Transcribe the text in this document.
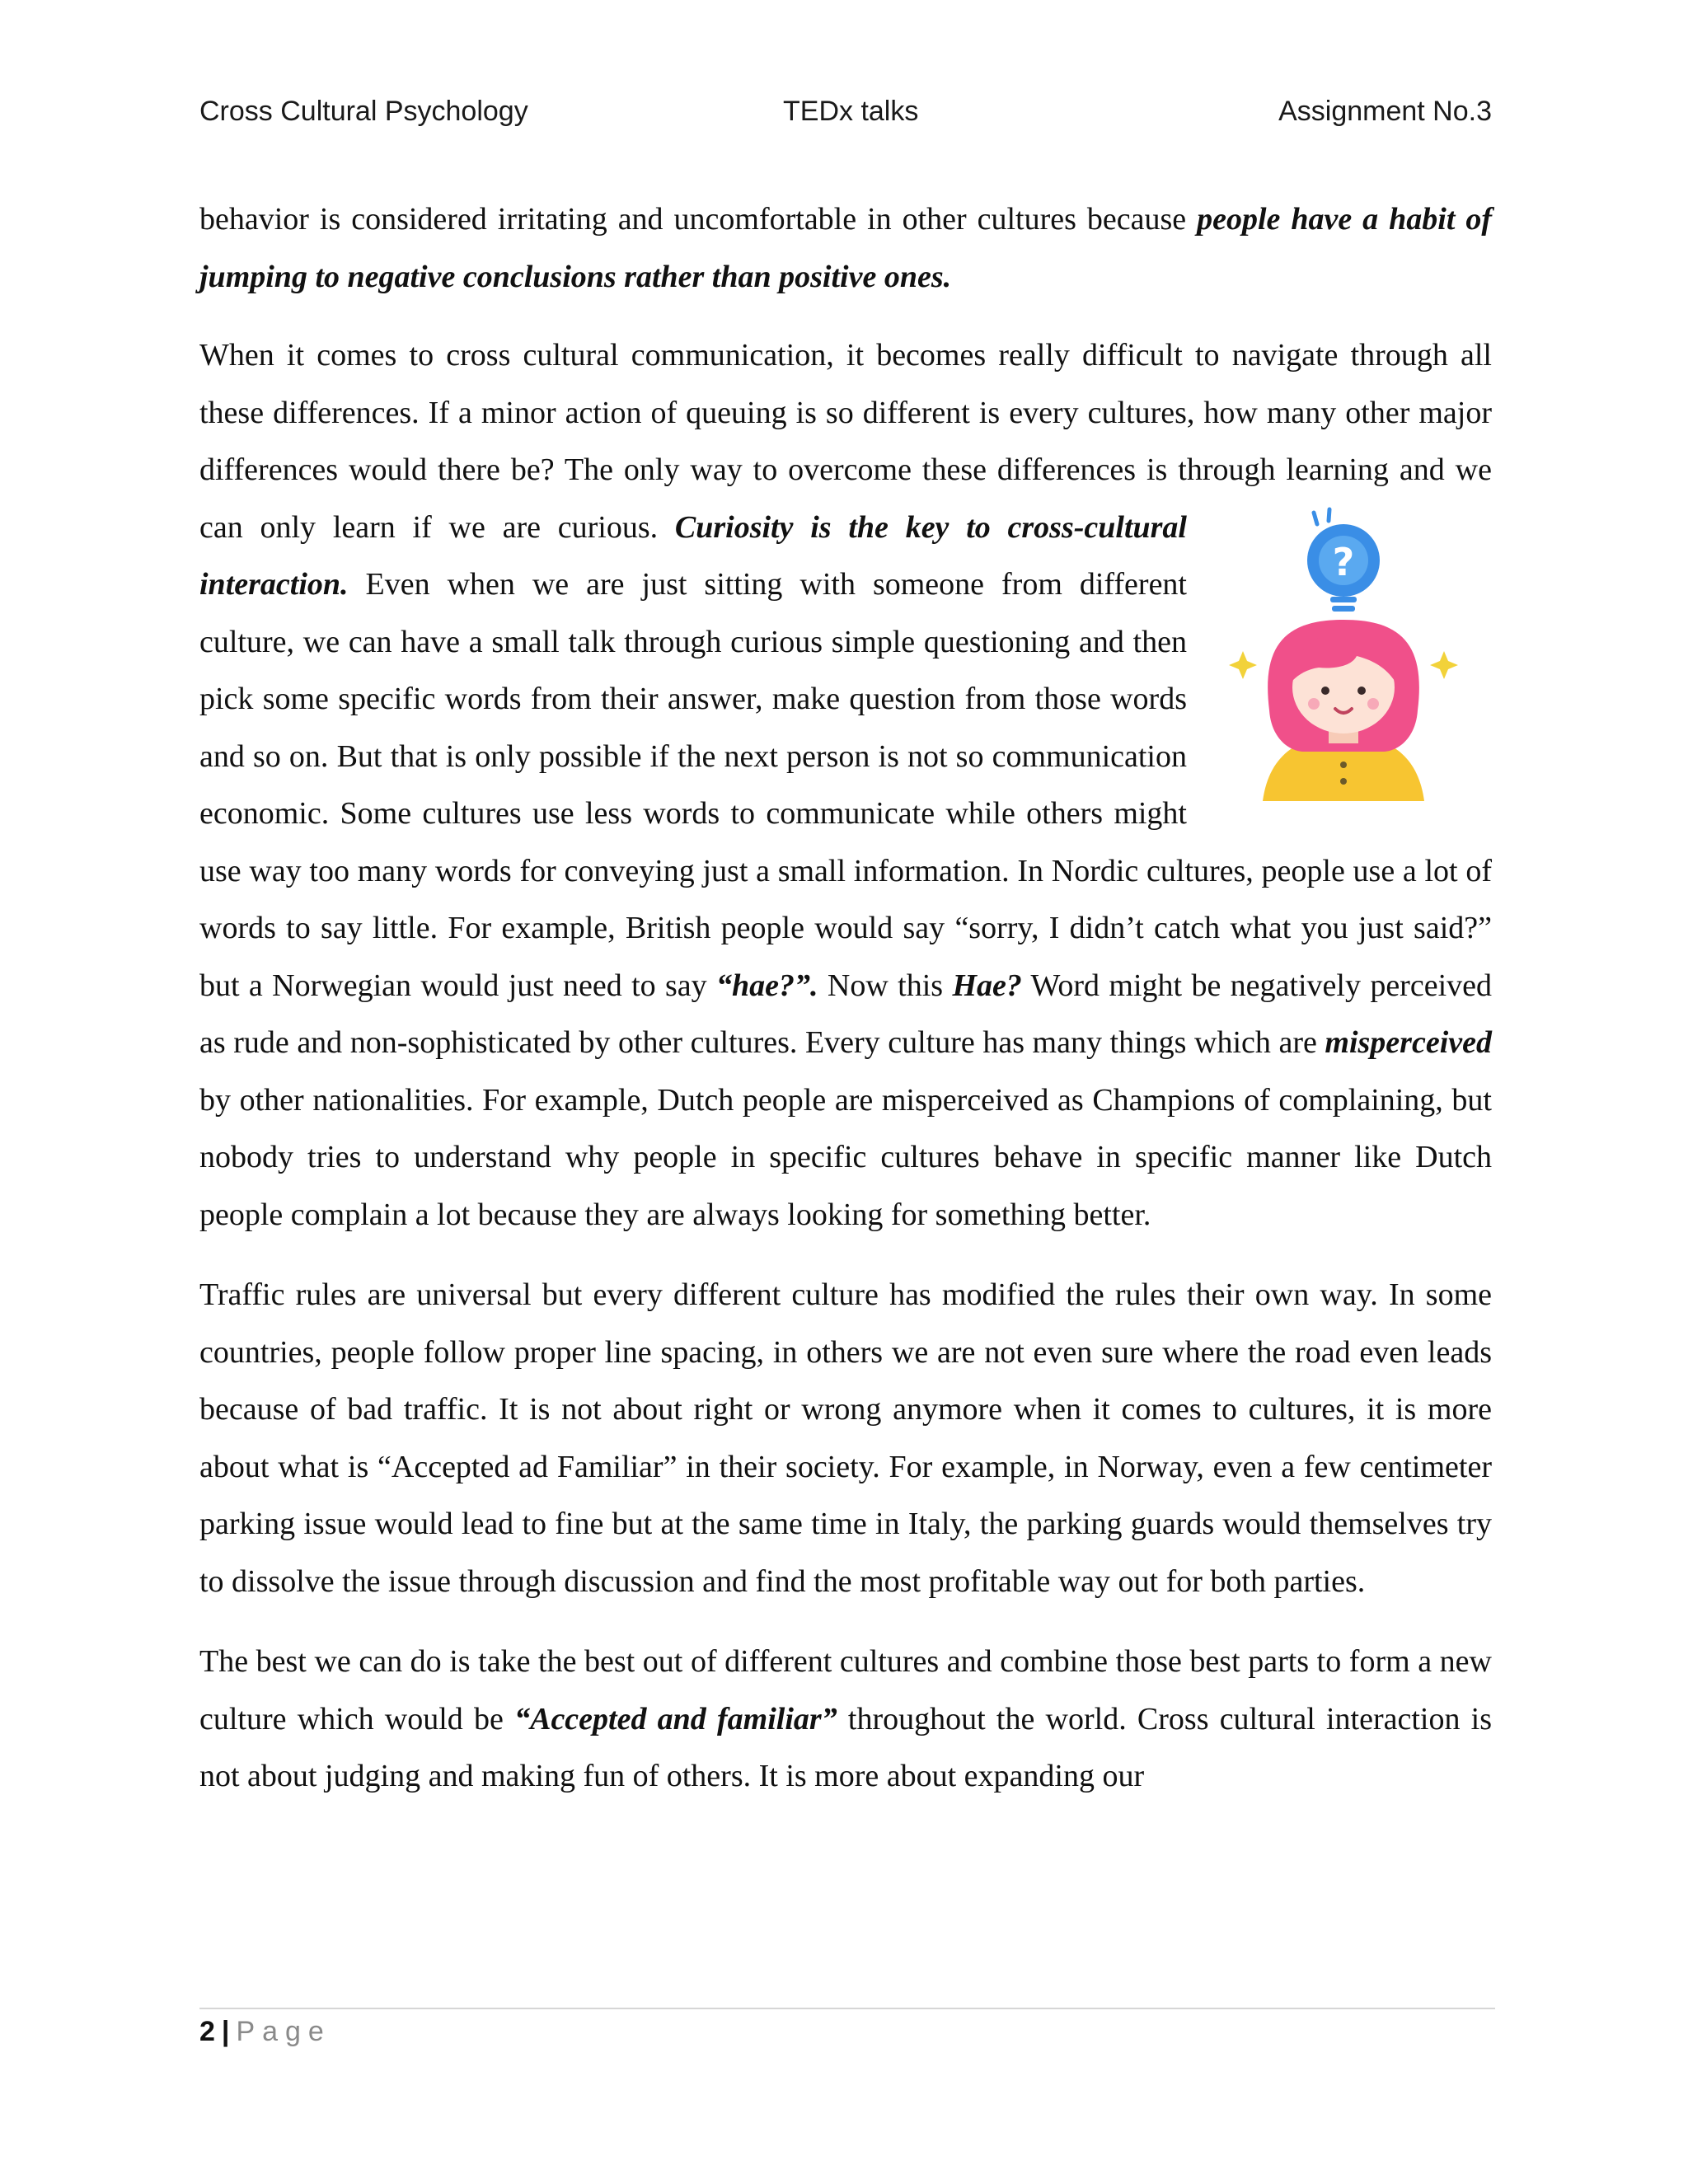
Cross Cultural Psychology	TEDx talks	Assignment No.3

behavior is considered irritating and uncomfortable in other cultures because people have a habit of jumping to negative conclusions rather than positive ones.

When it comes to cross cultural communication, it becomes really difficult to navigate through all these differences. If a minor action of queuing is so different is every cultures, how many other major differences would there be? The only way to overcome these differences is through learning and we can only learn if we are curious.
?
Curiosity is the key to cross-cultural interaction. Even when we are just sitting with someone from different culture, we can have a small talk through curious simple questioning and then pick some specific words from their answer, make question from those words and so on. But that is only possible if the next person is not so communication economic. Some cultures use less words to communicate while others might use way too many words for conveying just a small information. In Nordic cultures, people use a lot of words to say little. For example, British people would say “sorry, I didn’t catch what you just said?” but a Norwegian would just need to say “hae?”. Now this Hae? Word might be negatively perceived as rude and non-sophisticated by other cultures. Every culture has many things which are misperceived by other nationalities. For example, Dutch people are misperceived as Champions of complaining, but nobody tries to understand why people in specific cultures behave in specific manner like Dutch people complain a lot because they are always looking for something better.

Traffic rules are universal but every different culture has modified the rules their own way. In some countries, people follow proper line spacing, in others we are not even sure where the road even leads because of bad traffic. It is not about right or wrong anymore when it comes to cultures, it is more about what is “Accepted ad Familiar” in their society. For example, in Norway, even a few centimeter parking issue would lead to fine but at the same time in Italy, the parking guards would themselves try to dissolve the issue through discussion and find the most profitable way out for both parties.

The best we can do is take the best out of different cultures and combine those best parts to form a new culture which would be “Accepted and familiar” throughout the world. Cross cultural interaction is not about judging and making fun of others. It is more about expanding our

2 | Page
